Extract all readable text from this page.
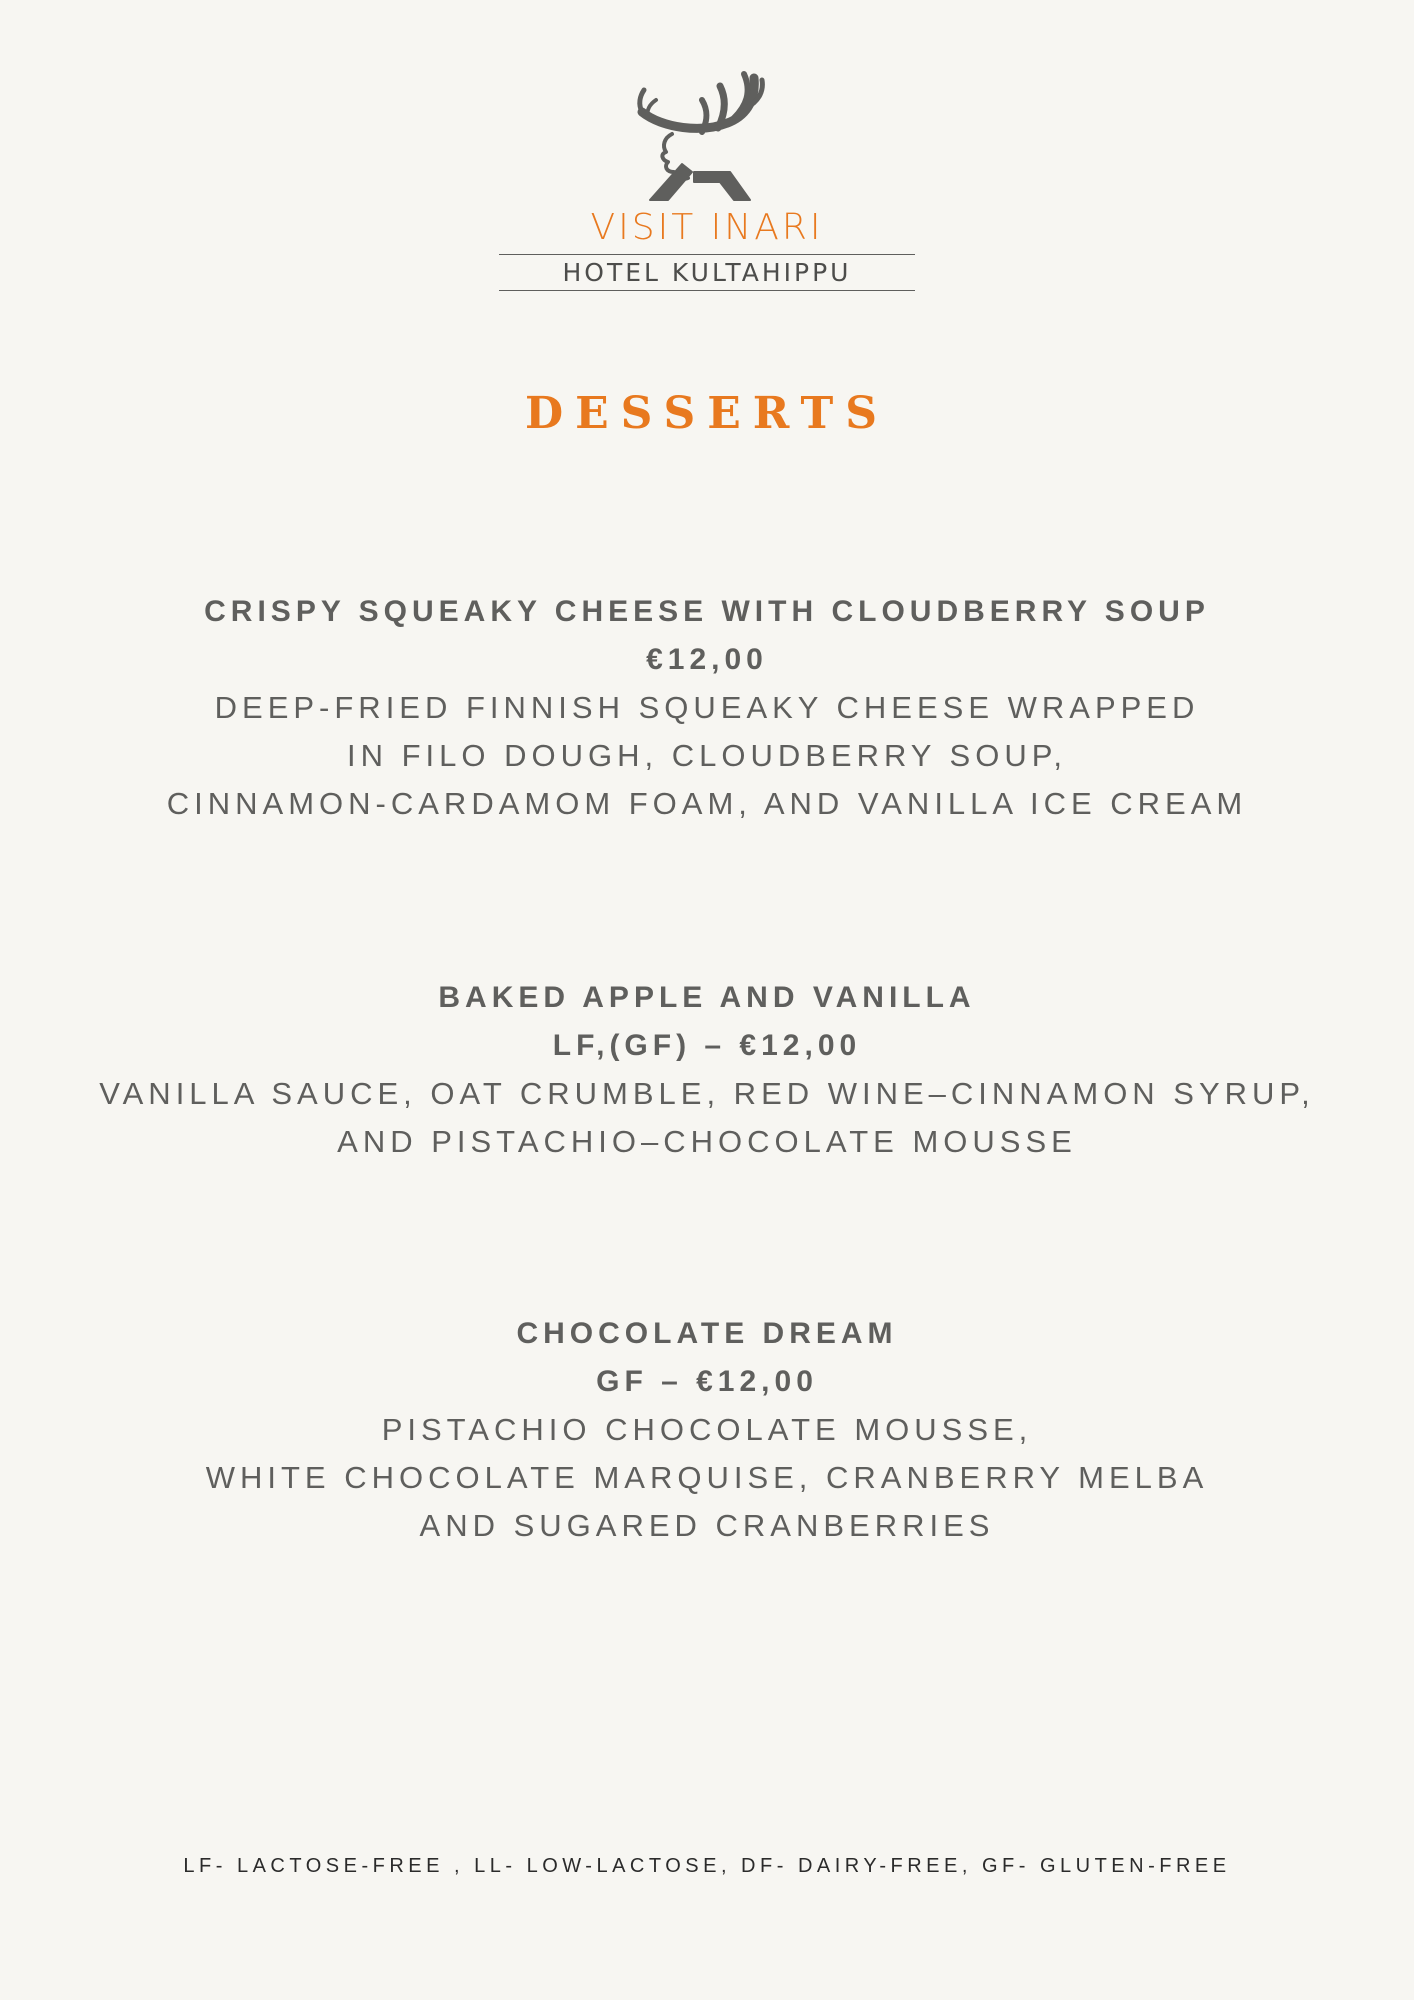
VISIT INARI
HOTEL KULTAHIPPU
DESSERTS
CRISPY SQUEAKY CHEESE WITH CLOUDBERRY SOUP
€12,00
DEEP-FRIED FINNISH SQUEAKY CHEESE WRAPPED
IN FILO DOUGH, CLOUDBERRY SOUP,
CINNAMON-CARDAMOM FOAM, AND VANILLA ICE CREAM
BAKED APPLE AND VANILLA
LF,(GF) – €12,00
VANILLA SAUCE, OAT CRUMBLE, RED WINE–CINNAMON SYRUP,
AND PISTACHIO–CHOCOLATE MOUSSE
CHOCOLATE DREAM
GF – €12,00
PISTACHIO CHOCOLATE MOUSSE,
WHITE CHOCOLATE MARQUISE, CRANBERRY MELBA
AND SUGARED CRANBERRIES
LF- LACTOSE-FREE , LL- LOW-LACTOSE, DF- DAIRY-FREE, GF- GLUTEN-FREE
